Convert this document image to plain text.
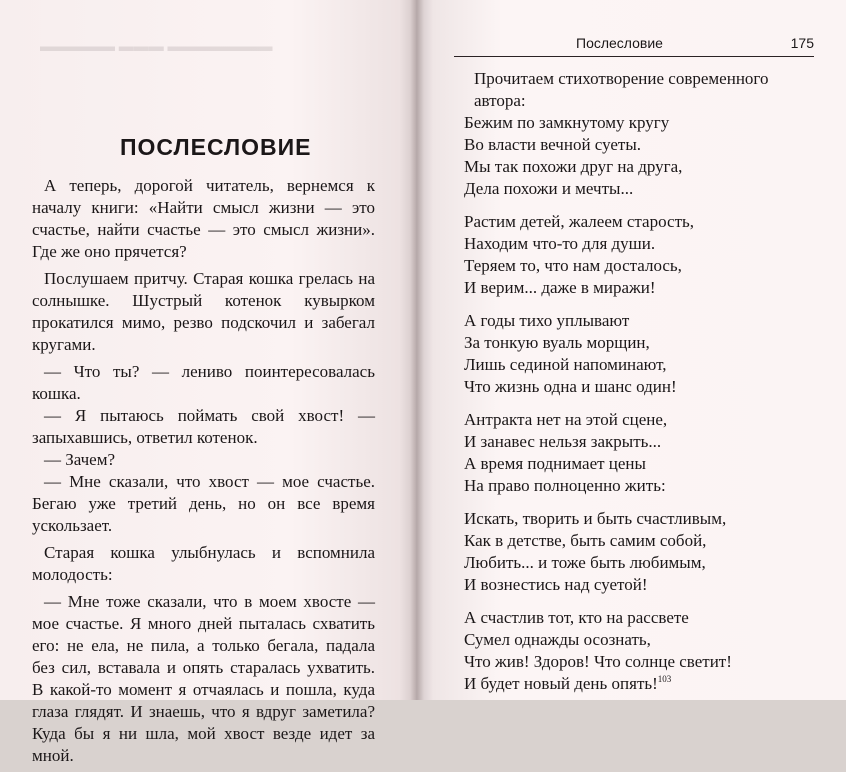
▬▬▬▬▬ ▬▬▬ ▬▬▬▬▬▬▬
ПОСЛЕСЛОВИЕ

А теперь, дорогой читатель, вернемся к началу книги: «Найти смысл жизни — это счастье, найти счастье — это смысл жизни». Где же оно прячется?

Послушаем притчу. Старая кошка грелась на солнышке. Шустрый котенок кувырком прокатился мимо, резво подскочил и забегал кругами.

— Что ты? — лениво поинтересовалась кошка.

— Я пытаюсь поймать свой хвост! — запыхавшись, ответил котенок.

— Зачем?

— Мне сказали, что хвост — мое счастье. Бегаю уже третий день, но он все время ускользает.

Старая кошка улыбнулась и вспомнила молодость:

— Мне тоже сказали, что в моем хвосте — мое счастье. Я много дней пыталась схватить его: не ела, не пила, а только бегала, падала без сил, вставала и опять старалась ухватить. В какой-то момент я отчаялась и пошла, куда глаза глядят. И знаешь, что я вдруг заметила? Куда бы я ни шла, мой хвост везде идет за мной.

Послесловие	175

Прочитаем стихотворение современного автора:

Бежим по замкнутому кругу
Во власти вечной суеты.
Мы так похожи друг на друга,
Дела похожи и мечты...
Растим детей, жалеем старость,
Находим что-то для души.
Теряем то, что нам досталось,
И верим... даже в миражи!
А годы тихо уплывают
За тонкую вуаль морщин,
Лишь сединой напоминают,
Что жизнь одна и шанс один!
Антракта нет на этой сцене,
И занавес нельзя закрыть...
А время поднимает цены
На право полноценно жить:
Искать, творить и быть счастливым,
Как в детстве, быть самим собой,
Любить... и тоже быть любимым,
И вознестись над суетой!
А счастлив тот, кто на рассвете
Сумел однажды осознать,
Что жив! Здоров! Что солнце светит!
И будет новый день опять!$^{103}$
